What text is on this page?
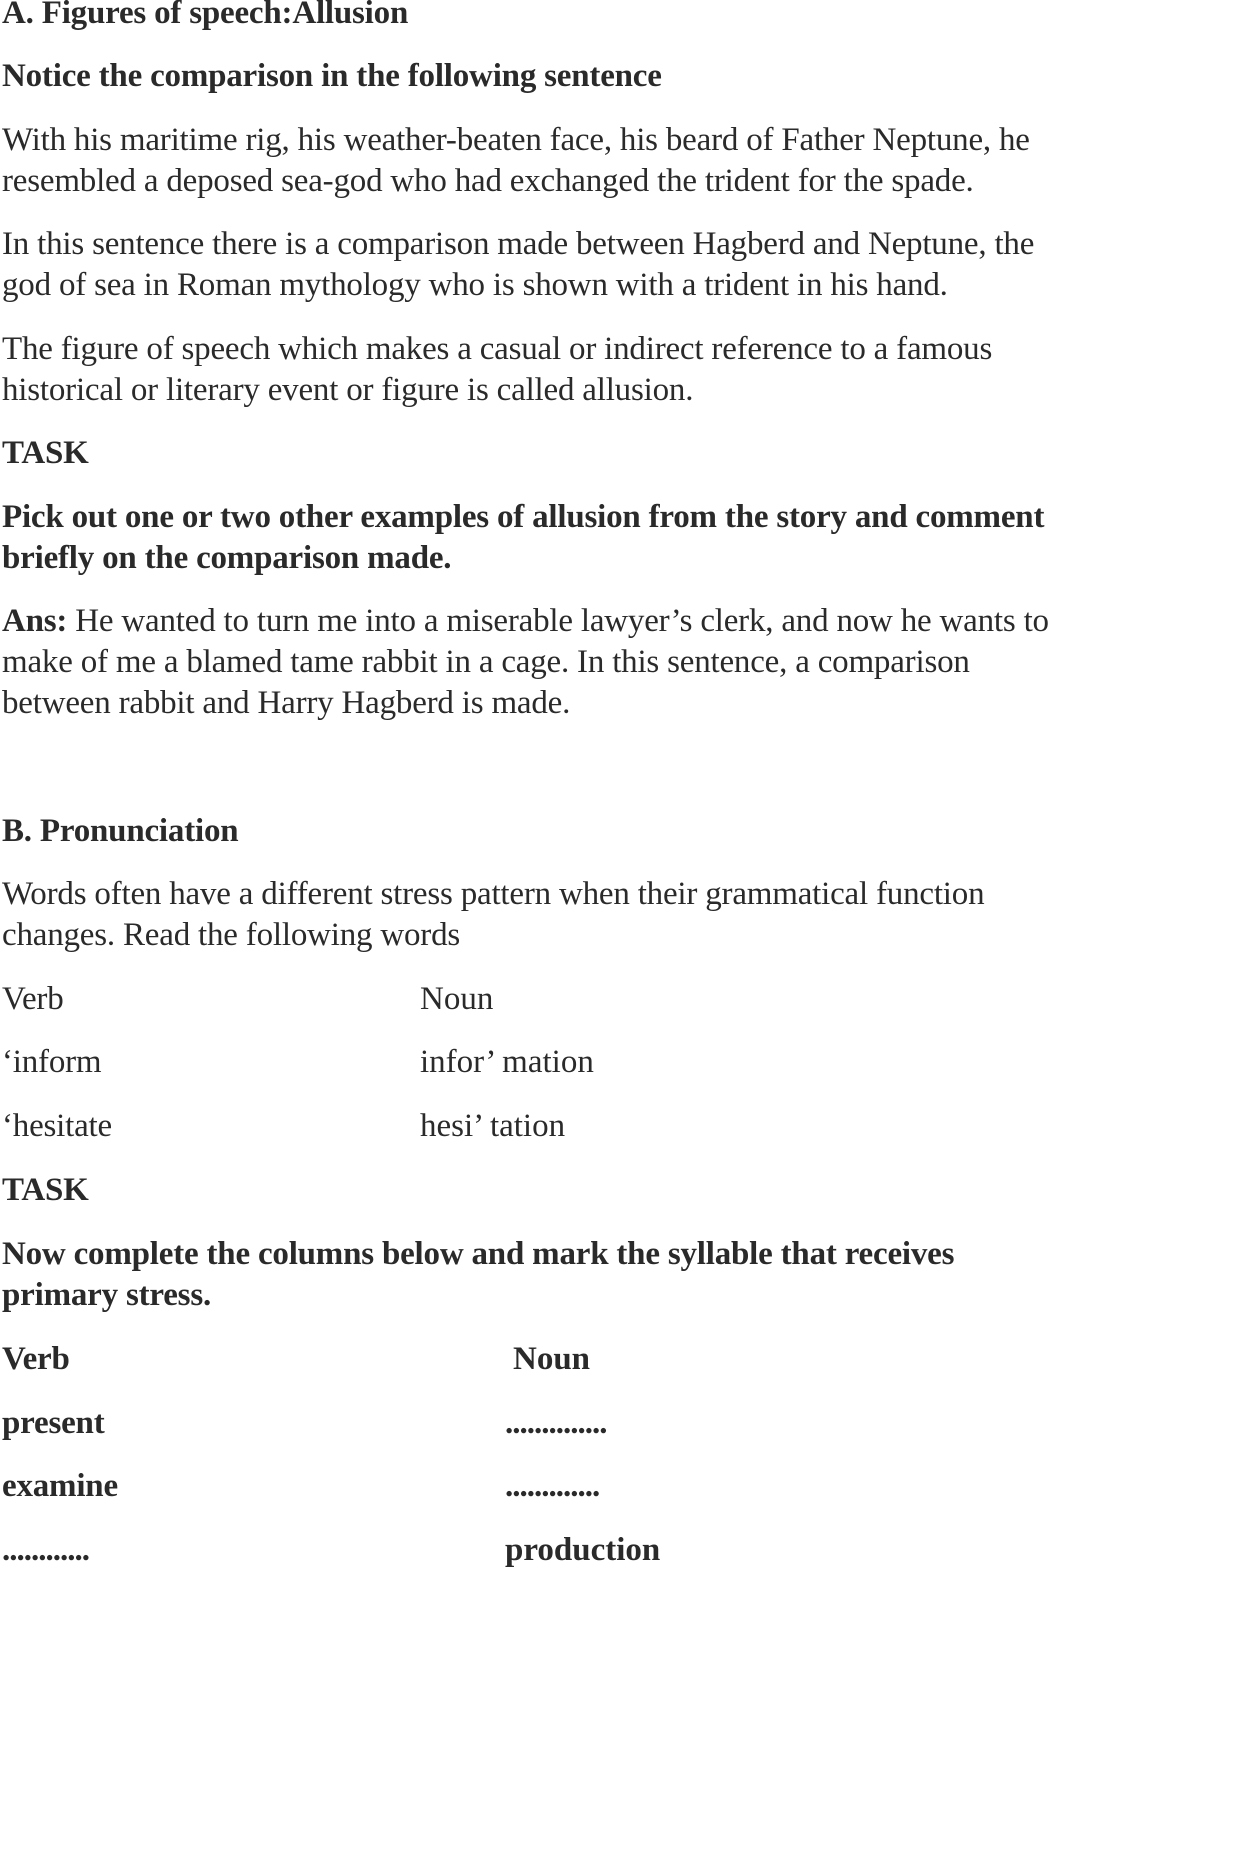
A. Figures of speech:Allusion
Notice the comparison in the following sentence
With his maritime rig, his weather-beaten face, his beard of Father Neptune, he
resembled a deposed sea-god who had exchanged the trident for the spade.
In this sentence there is a comparison made between Hagberd and Neptune, the
god of sea in Roman mythology who is shown with a trident in his hand.
The figure of speech which makes a casual or indirect reference to a famous
historical or literary event or figure is called allusion.
TASK
Pick out one or two other examples of allusion from the story and comment
briefly on the comparison made.
Ans: He wanted to turn me into a miserable lawyer’s clerk, and now he wants to
make of me a blamed tame rabbit in a cage. In this sentence, a comparison
between rabbit and Harry Hagberd is made.
B. Pronunciation
Words often have a different stress pattern when their grammatical function
changes. Read the following words
Verb	Noun
‘inform	infor’ mation
‘hesitate	hesi’ tation
TASK
Now complete the columns below and mark the syllable that receives
primary stress.
Verb	Noun
present	..............
examine	.............
............	production
